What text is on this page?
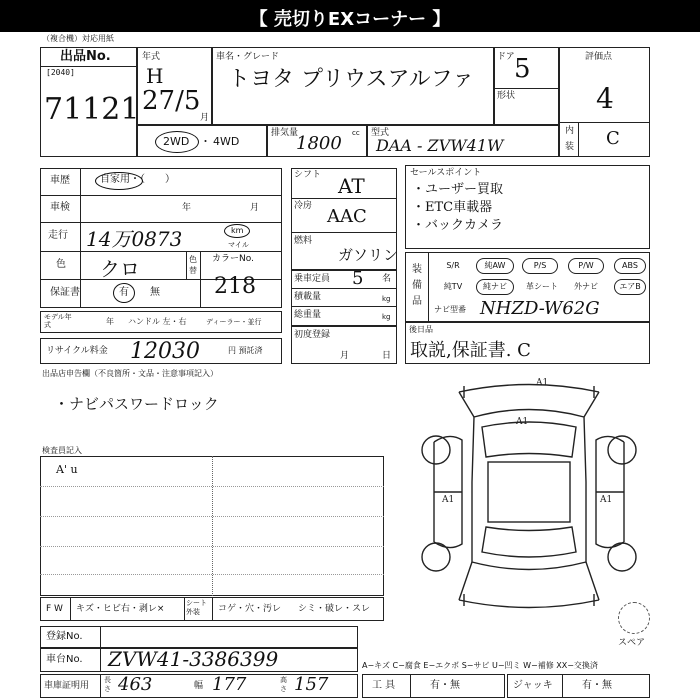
【 売切りEXコーナー 】
（複合機）対応用紙
出品No.
[2040]
71121
年式
H
27/5
月
車名・グレード
トヨタ プリウスアルファ
ドア 5
形状
評価点
4
内
装 C
2WD ・ 4WD
排気量	cc
1800	型式
DAA - ZVW41W
車歴	自家用・（　　）
車検	年	月
走行 14万0873	km
マイル
色 クロ	色替
カラーNo.
218
保証書	有 無
モデル年式	年 ハンドル 左・右	ディーラー・並行
シフト AT
冷房 AAC
燃料
ガソリン
乗車定員 5 名
積載量	kg
総重量	kg
初度登録
月	日
リサイクル料金 12030	円 預託済
セールスポイント
・ユーザー買取
・ETC車載器
・バックカメラ
装備品
S/R	純AW	P/S	P/W	ABS
純TV	純ナビ	革シート	外ナビ	エアB
ナビ型番 NHZD-W62G
後日品
取説,保証書. C
出品店申告欄（不良箇所・文品・注意事項記入）
・ナビパスワードロック
検査員記入
A' u
A1
A1
A1	A1
スペア
F W キズ・ヒビ右・剥レ×
シート 外装	コゲ・穴・汚レ シミ・破レ・スレ
登録No.
車台No. ZVW41-3386399
車庫証明用
長さ 463	幅 177	高さ 157
A−キズ C−腐食 E−エクボ S−サビ U−凹ミ W−補修 XX−交換済
工 具	有・無	ジャッキ	有・無
